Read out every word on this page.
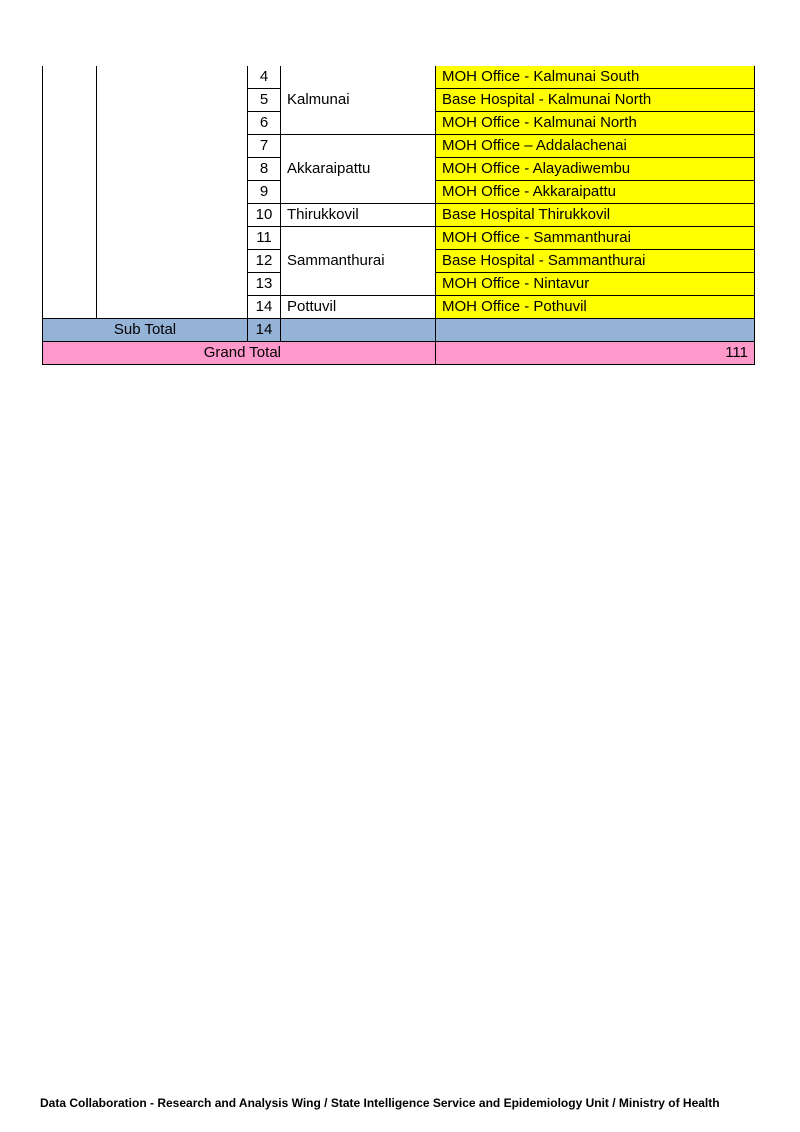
		4	Kalmunai	MOH Office - Kalmunai South
		5		Base Hospital - Kalmunai North
		6		MOH Office - Kalmunai North
		7	Akkaraipattu	MOH Office – Addalachenai
		8		MOH Office - Alayadiwembu
		9		MOH Office - Akkaraipattu
		10	Thirukkovil	Base Hospital Thirukkovil
		11	Sammanthurai	MOH Office - Sammanthurai
		12		Base Hospital - Sammanthurai
		13		MOH Office - Nintavur
		14	Pottuvil	MOH Office - Pothuvil
Sub Total		14		
Grand Total				111
Data Collaboration - Research and Analysis Wing / State Intelligence Service and Epidemiology Unit / Ministry of Health
